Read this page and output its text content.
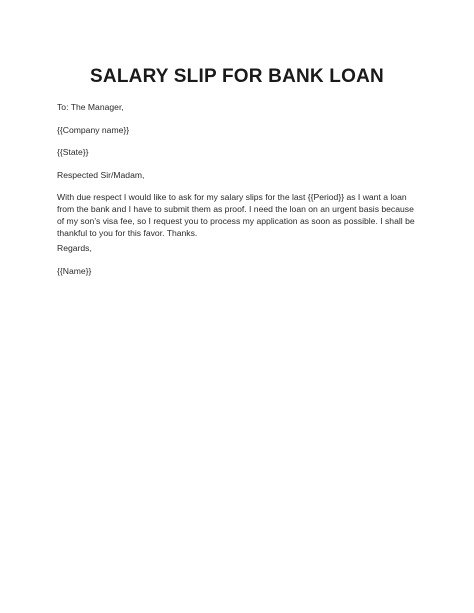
SALARY SLIP FOR BANK LOAN

To: The Manager,

{{Company name}}

{{State}}

Respected Sir/Madam,

With due respect I would like to ask for my salary slips for the last {{Period}} as I want a loan from the bank and I have to submit them as proof. I need the loan on an urgent basis because of my son’s visa fee, so I request you to process my application as soon as possible. I shall be thankful to you for this favor. Thanks.

Regards,

{{Name}}
